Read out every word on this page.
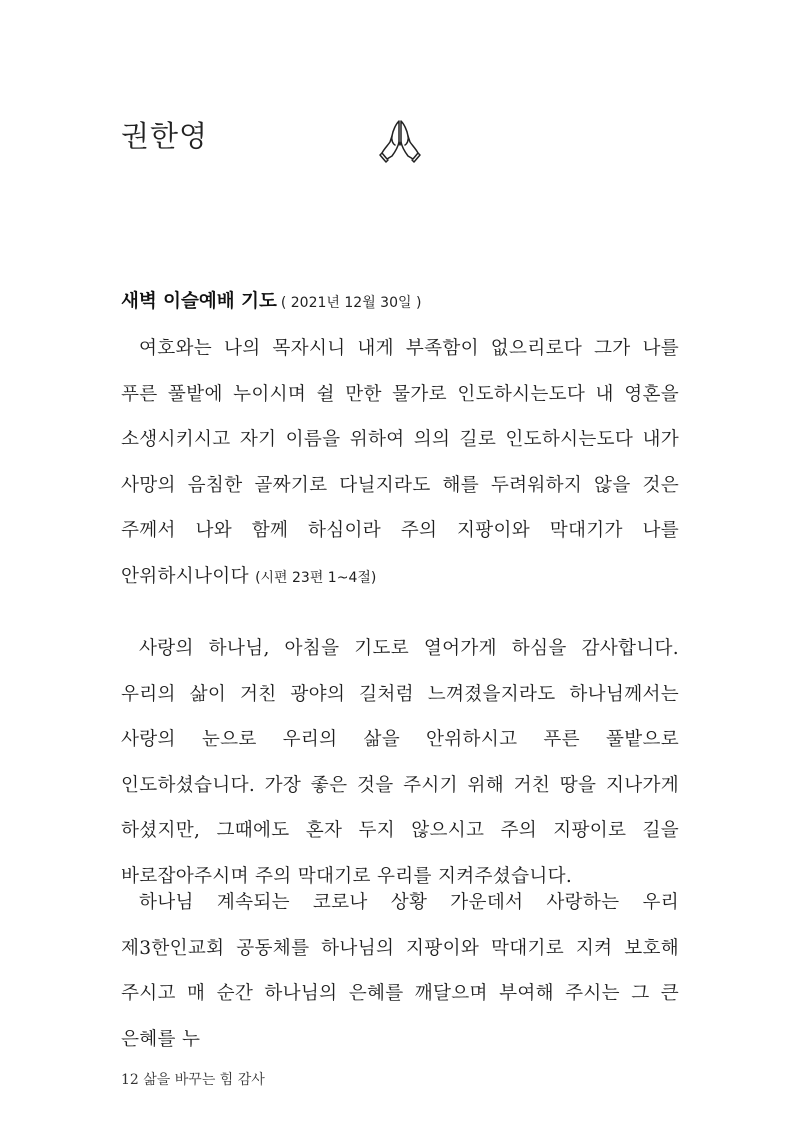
권한영
새벽 이슬예배 기도 ( 2021년 12월 30일 )

여호와는 나의 목자시니 내게 부족함이 없으리로다 그가 나를 푸른 풀밭에 누이시며 쉴 만한 물가로 인도하시는도다 내 영혼을 소생시키시고 자기 이름을 위하여 의의 길로 인도하시는도다 내가 사망의 음침한 골짜기로 다닐지라도 해를 두려워하지 않을 것은 주께서 나와 함께 하심이라 주의 지팡이와 막대기가 나를 안위하시나이다 (시편 23편 1~4절)

사랑의 하나님, 아침을 기도로 열어가게 하심을 감사합니다. 우리의 삶이 거친 광야의 길처럼 느껴졌을지라도 하나님께서는 사랑의 눈으로 우리의 삶을 안위하시고 푸른 풀밭으로 인도하셨습니다. 가장 좋은 것을 주시기 위해 거친 땅을 지나가게 하셨지만, 그때에도 혼자 두지 않으시고 주의 지팡이로 길을 바로잡아주시며 주의 막대기로 우리를 지켜주셨습니다.

하나님 계속되는 코로나 상황 가운데서 사랑하는 우리 제3한인교회 공동체를 하나님의 지팡이와 막대기로 지켜 보호해 주시고 매 순간 하나님의 은혜를 깨달으며 부여해 주시는 그 큰 은혜를 누

12 삶을 바꾸는 힘 감사
